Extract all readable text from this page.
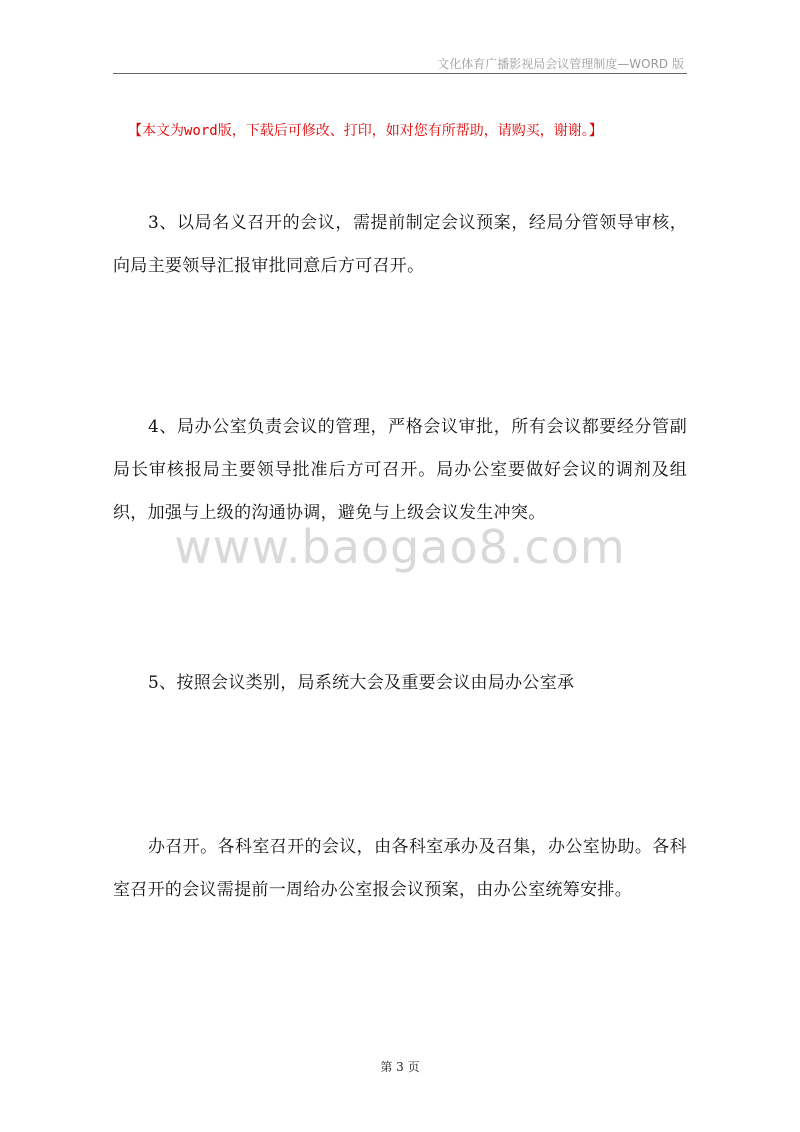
文化体育广播影视局会议管理制度—WORD 版
【本文为word版，下载后可修改、打印，如对您有所帮助，请购买，谢谢。】

3、以局名义召开的会议，需提前制定会议预案，经局分管领导审核，向局主要领导汇报审批同意后方可召开。

4、局办公室负责会议的管理，严格会议审批，所有会议都要经分管副局长审核报局主要领导批准后方可召开。局办公室要做好会议的调剂及组织，加强与上级的沟通协调，避免与上级会议发生冲突。

www.baogao8.com

5、按照会议类别，局系统大会及重要会议由局办公室承

办召开。各科室召开的会议，由各科室承办及召集，办公室协助。各科室召开的会议需提前一周给办公室报会议预案，由办公室统筹安排。

第 3 页
